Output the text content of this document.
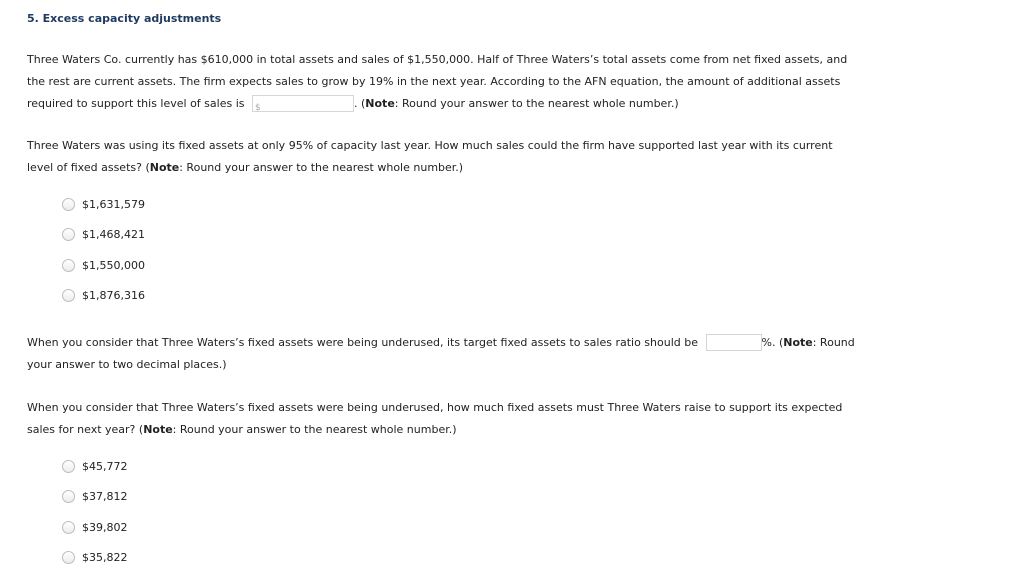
5. Excess capacity adjustments
Three Waters Co. currently has $610,000 in total assets and sales of $1,550,000. Half of Three Waters’s total assets come from net fixed assets, and the rest are current assets. The firm expects sales to grow by 19% in the next year. According to the AFN equation, the amount of additional assets required to support this level of sales is $	. (Note: Round your answer to the nearest whole number.)
Three Waters was using its fixed assets at only 95% of capacity last year. How much sales could the firm have supported last year with its current level of fixed assets? (Note: Round your answer to the nearest whole number.)
$1,631,579
$1,468,421
$1,550,000
$1,876,316
When you consider that Three Waters’s fixed assets were being underused, its target fixed assets to sales ratio should be	%. (Note: Round your answer to two decimal places.)
When you consider that Three Waters’s fixed assets were being underused, how much fixed assets must Three Waters raise to support its expected sales for next year? (Note: Round your answer to the nearest whole number.)
$45,772
$37,812
$39,802
$35,822
